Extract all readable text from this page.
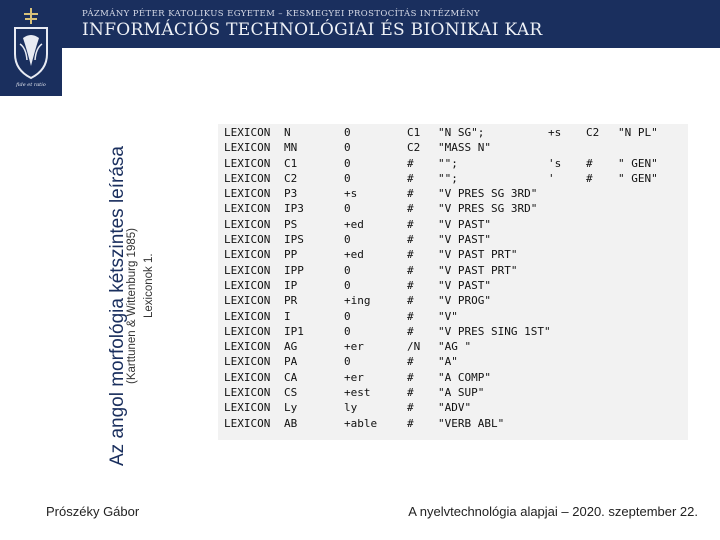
fide et ratio
PÁZMÁNY PÉTER KATOLIKUS EGYETEM – KESMEGYEI PROSTOCÍTÁS INTÉZMÉNY
INFORMÁCIÓS TECHNOLÓGIAI ÉS BIONIKAI KAR
Az angol morfológia kétszintes leírása
(Karttunen & Wittenburg 1985) Lexiconok 1.
LEXICON N	0	C1 "N SG";	+s C2 "N PL"
LEXICON MN	0	C2 "MASS N"
LEXICON C1	0	# "";	's # " GEN"
LEXICON C2	0	# "";	'	# " GEN"
LEXICON P3	+s	# "V PRES SG 3RD"
LEXICON IP3	0	# "V PRES SG 3RD"
LEXICON PS	+ed	# "V PAST"
LEXICON IPS	0	# "V PAST"
LEXICON PP	+ed	# "V PAST PRT"
LEXICON IPP	0	# "V PAST PRT"
LEXICON IP	0	# "V PAST"
LEXICON PR	+ing	# "V PROG"
LEXICON I	0	# "V"
LEXICON IP1	0	# "V PRES SING 1ST"
LEXICON AG	+er	/N "AG "
LEXICON PA	0	# "A"
LEXICON CA	+er	# "A COMP"
LEXICON CS	+est	# "A SUP"
LEXICON Ly	ly	# "ADV"
LEXICON AB	+able	# "VERB ABL"
Prószéky Gábor	A nyelvtechnológia alapjai – 2020. szeptember 22.
